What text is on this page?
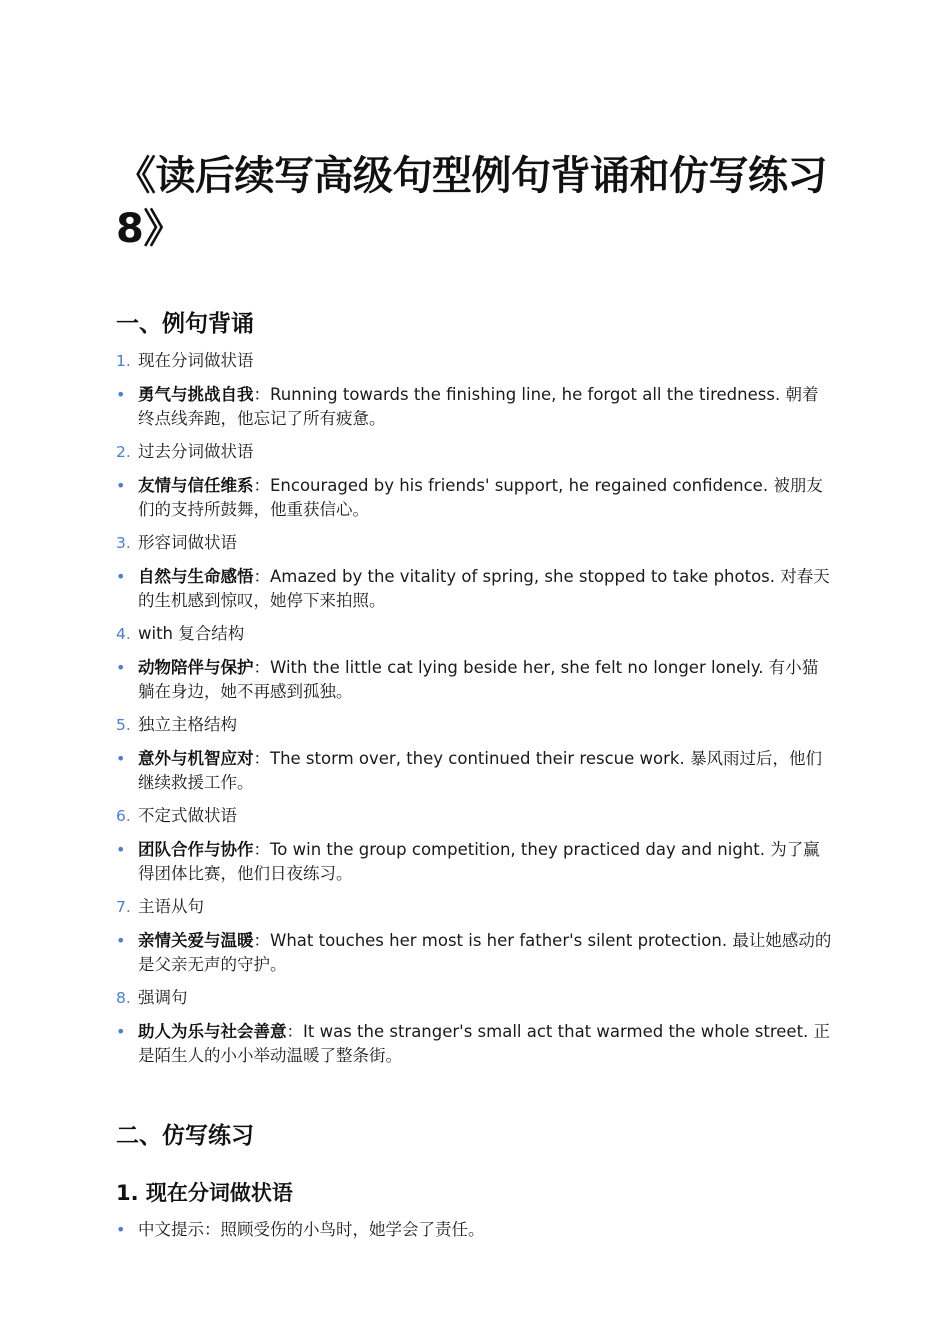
《读后续写高级句型例句背诵和仿写练习 8》
一、例句背诵
1. 现在分词做状语
• 勇气与挑战自我：Running towards the finishing line, he forgot all the tiredness. 朝着终点线奔跑，他忘记了所有疲惫。
2. 过去分词做状语
• 友情与信任维系：Encouraged by his friends' support, he regained confidence. 被朋友们的支持所鼓舞，他重获信心。
3. 形容词做状语
• 自然与生命感悟：Amazed by the vitality of spring, she stopped to take photos. 对春天的生机感到惊叹，她停下来拍照。
4. with 复合结构
• 动物陪伴与保护：With the little cat lying beside her, she felt no longer lonely. 有小猫躺在身边，她不再感到孤独。
5. 独立主格结构
• 意外与机智应对：The storm over, they continued their rescue work. 暴风雨过后，他们继续救援工作。
6. 不定式做状语
• 团队合作与协作：To win the group competition, they practiced day and night. 为了赢得团体比赛，他们日夜练习。
7. 主语从句
• 亲情关爱与温暖：What touches her most is her father's silent protection. 最让她感动的是父亲无声的守护。
8. 强调句
• 助人为乐与社会善意：It was the stranger's small act that warmed the whole street. 正是陌生人的小小举动温暖了整条街。
二、仿写练习
1. 现在分词做状语
• 中文提示：照顾受伤的小鸟时，她学会了责任。
